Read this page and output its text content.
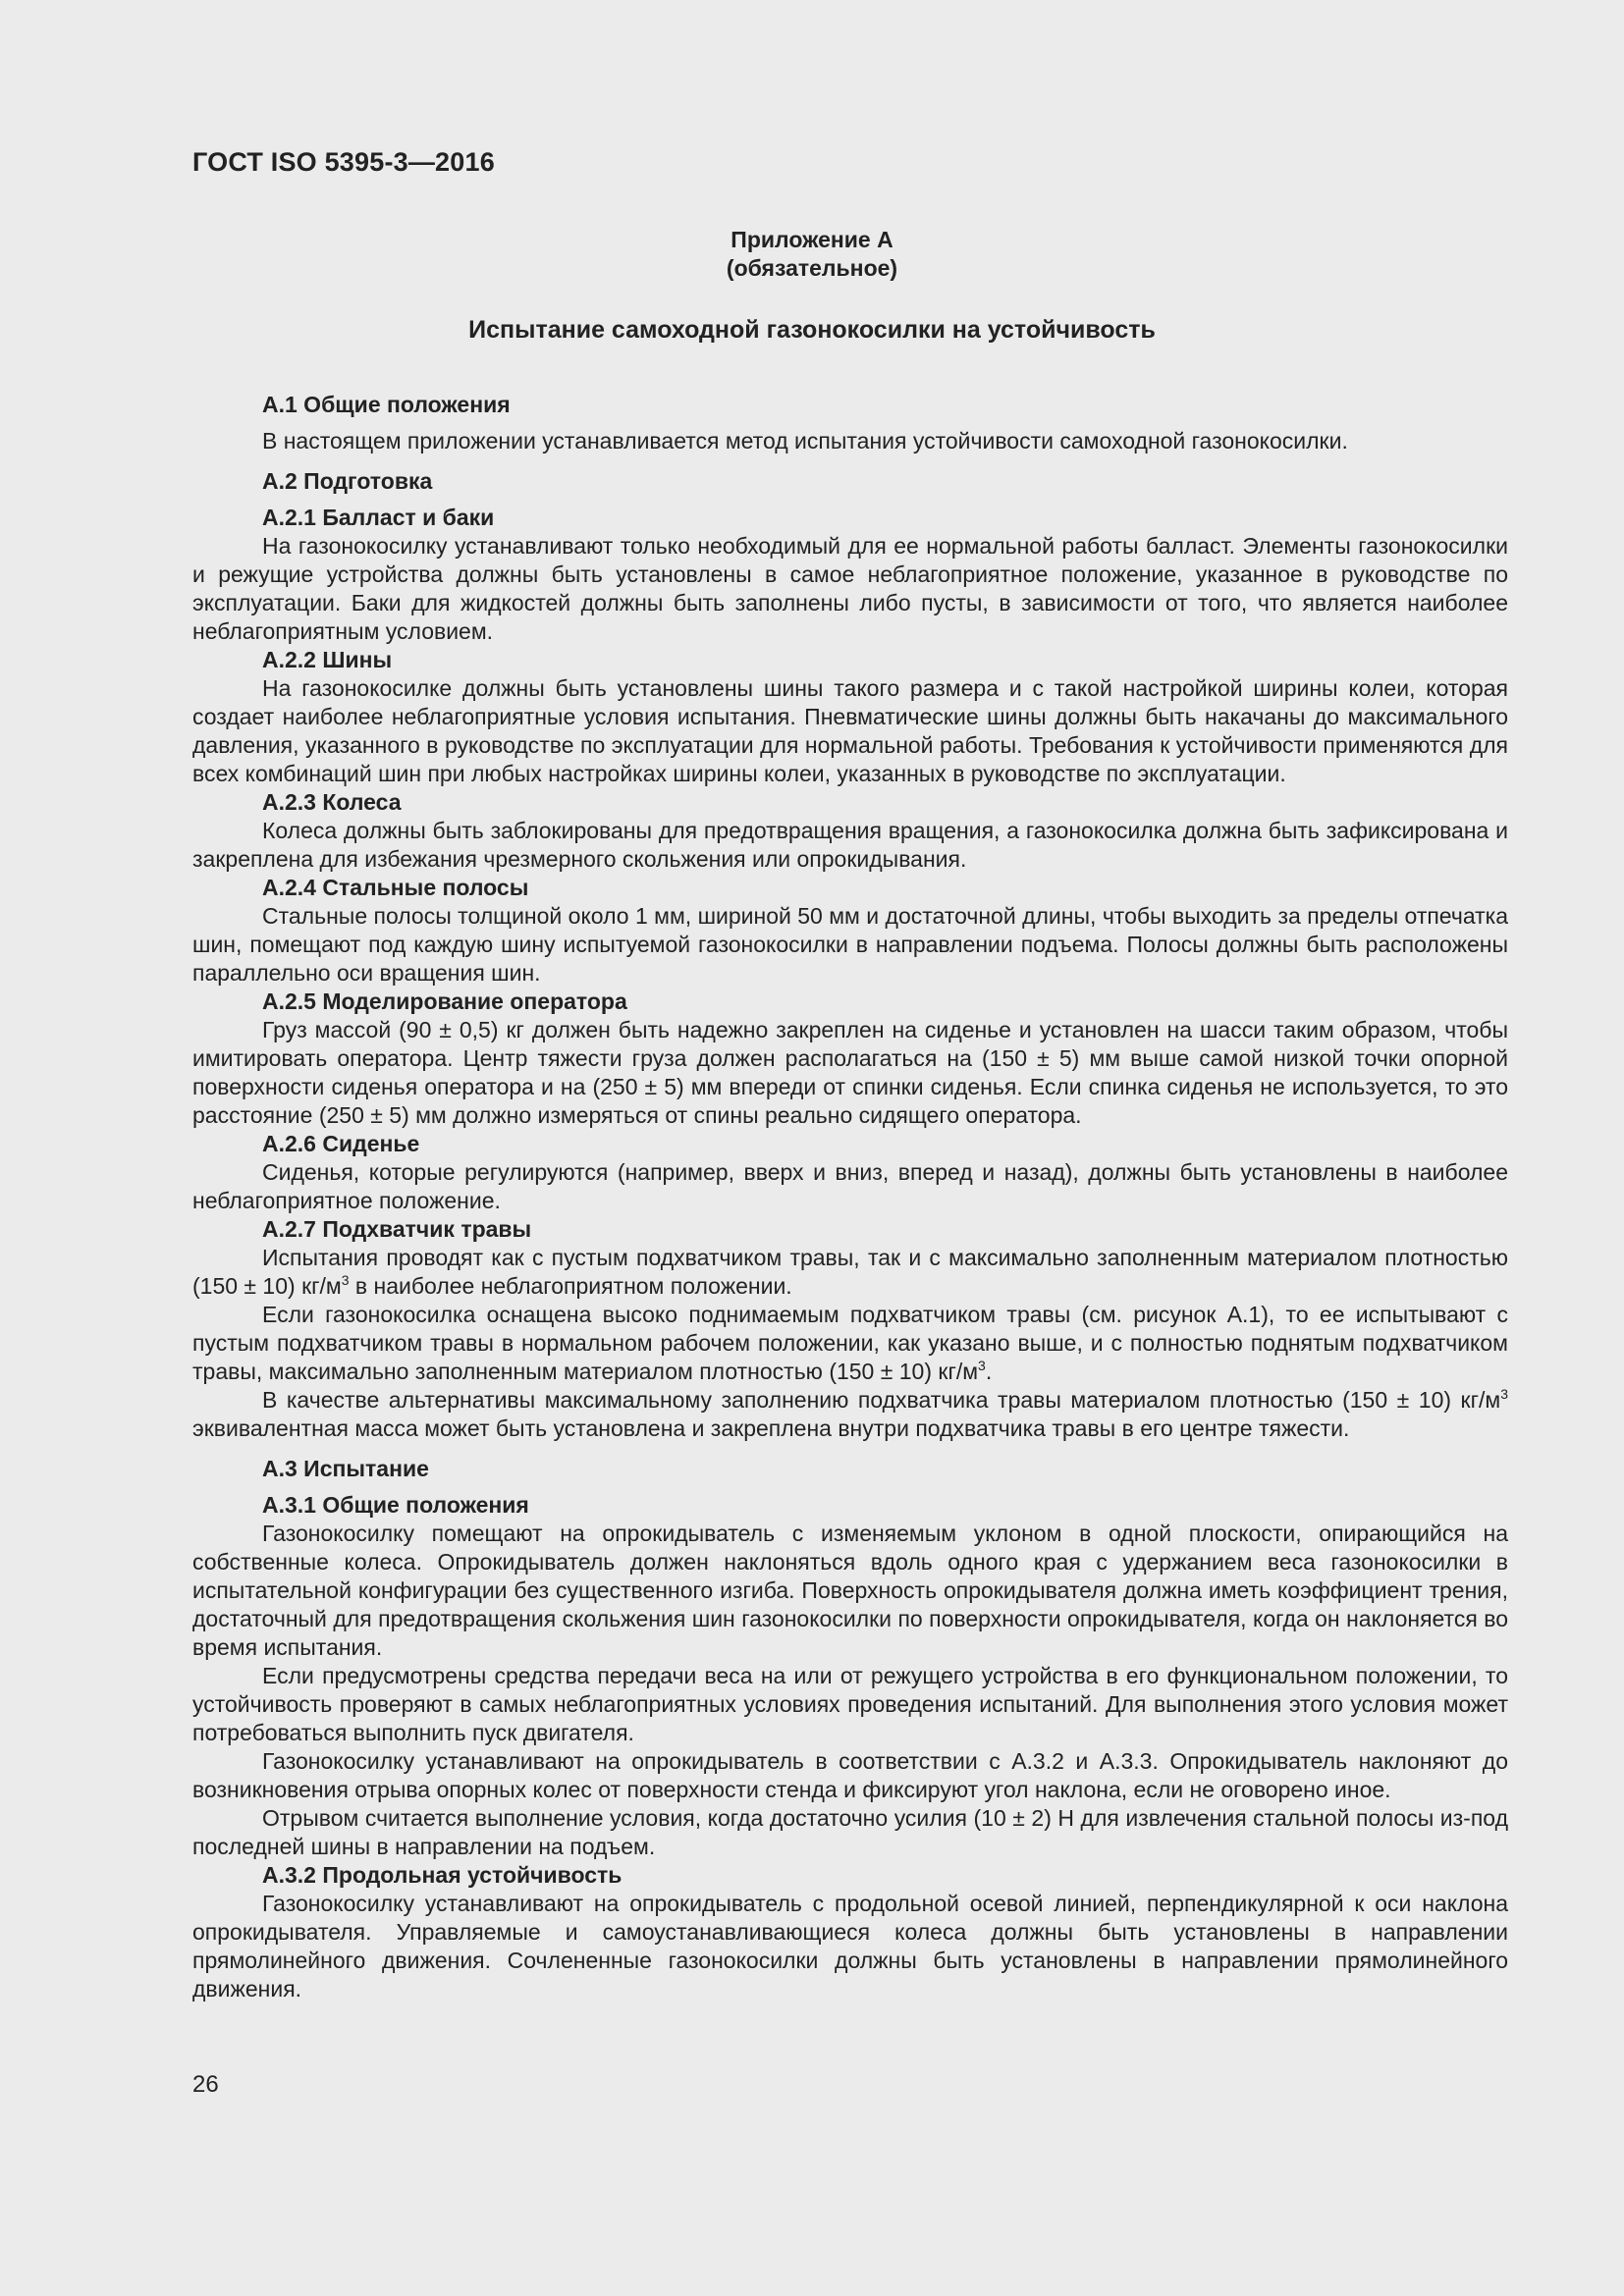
ГОСТ ISO 5395-3—2016
Приложение А
(обязательное)
Испытание самоходной газонокосилки на устойчивость
А.1 Общие положения
В настоящем приложении устанавливается метод испытания устойчивости самоходной газонокосилки.
А.2 Подготовка
А.2.1 Балласт и баки
На газонокосилку устанавливают только необходимый для ее нормальной работы балласт. Элементы газонокосилки и режущие устройства должны быть установлены в самое неблагоприятное положение, указанное в руководстве по эксплуатации. Баки для жидкостей должны быть заполнены либо пусты, в зависимости от того, что является наиболее неблагоприятным условием.
А.2.2 Шины
На газонокосилке должны быть установлены шины такого размера и с такой настройкой ширины колеи, которая создает наиболее неблагоприятные условия испытания. Пневматические шины должны быть накачаны до максимального давления, указанного в руководстве по эксплуатации для нормальной работы. Требования к устойчивости применяются для всех комбинаций шин при любых настройках ширины колеи, указанных в руководстве по эксплуатации.
А.2.3 Колеса
Колеса должны быть заблокированы для предотвращения вращения, а газонокосилка должна быть зафиксирована и закреплена для избежания чрезмерного скольжения или опрокидывания.
А.2.4 Стальные полосы
Стальные полосы толщиной около 1 мм, шириной 50 мм и достаточной длины, чтобы выходить за пределы отпечатка шин, помещают под каждую шину испытуемой газонокосилки в направлении подъема. Полосы должны быть расположены параллельно оси вращения шин.
А.2.5 Моделирование оператора
Груз массой (90 ± 0,5) кг должен быть надежно закреплен на сиденье и установлен на шасси таким образом, чтобы имитировать оператора. Центр тяжести груза должен располагаться на (150 ± 5) мм выше самой низкой точки опорной поверхности сиденья оператора и на (250 ± 5) мм впереди от спинки сиденья. Если спинка сиденья не используется, то это расстояние (250 ± 5) мм должно измеряться от спины реально сидящего оператора.
А.2.6 Сиденье
Сиденья, которые регулируются (например, вверх и вниз, вперед и назад), должны быть установлены в наиболее неблагоприятное положение.
А.2.7 Подхватчик травы
Испытания проводят как с пустым подхватчиком травы, так и с максимально заполненным материалом плотностью (150 ± 10) $кг/м^3$ в наиболее неблагоприятном положении.
Если газонокосилка оснащена высоко поднимаемым подхватчиком травы (см. рисунок А.1), то ее испытывают с пустым подхватчиком травы в нормальном рабочем положении, как указано выше, и с полностью поднятым подхватчиком травы, максимально заполненным материалом плотностью (150 ± 10) $кг/м^3$.
В качестве альтернативы максимальному заполнению подхватчика травы материалом плотностью (150 ± 10) $кг/м^3$ эквивалентная масса может быть установлена и закреплена внутри подхватчика травы в его центре тяжести.
А.3 Испытание
А.3.1 Общие положения
Газонокосилку помещают на опрокидыватель с изменяемым уклоном в одной плоскости, опирающийся на собственные колеса. Опрокидыватель должен наклоняться вдоль одного края с удержанием веса газонокосилки в испытательной конфигурации без существенного изгиба. Поверхность опрокидывателя должна иметь коэффициент трения, достаточный для предотвращения скольжения шин газонокосилки по поверхности опрокидывателя, когда он наклоняется во время испытания.
Если предусмотрены средства передачи веса на или от режущего устройства в его функциональном положении, то устойчивость проверяют в самых неблагоприятных условиях проведения испытаний. Для выполнения этого условия может потребоваться выполнить пуск двигателя.
Газонокосилку устанавливают на опрокидыватель в соответствии с А.3.2 и А.3.3. Опрокидыватель наклоняют до возникновения отрыва опорных колес от поверхности стенда и фиксируют угол наклона, если не оговорено иное.
Отрывом считается выполнение условия, когда достаточно усилия (10 ± 2) Н для извлечения стальной полосы из-под последней шины в направлении на подъем.
А.3.2 Продольная устойчивость
Газонокосилку устанавливают на опрокидыватель с продольной осевой линией, перпендикулярной к оси наклона опрокидывателя. Управляемые и самоустанавливающиеся колеса должны быть установлены в направлении прямолинейного движения. Сочлененные газонокосилки должны быть установлены в направлении прямолинейного движения.
26
